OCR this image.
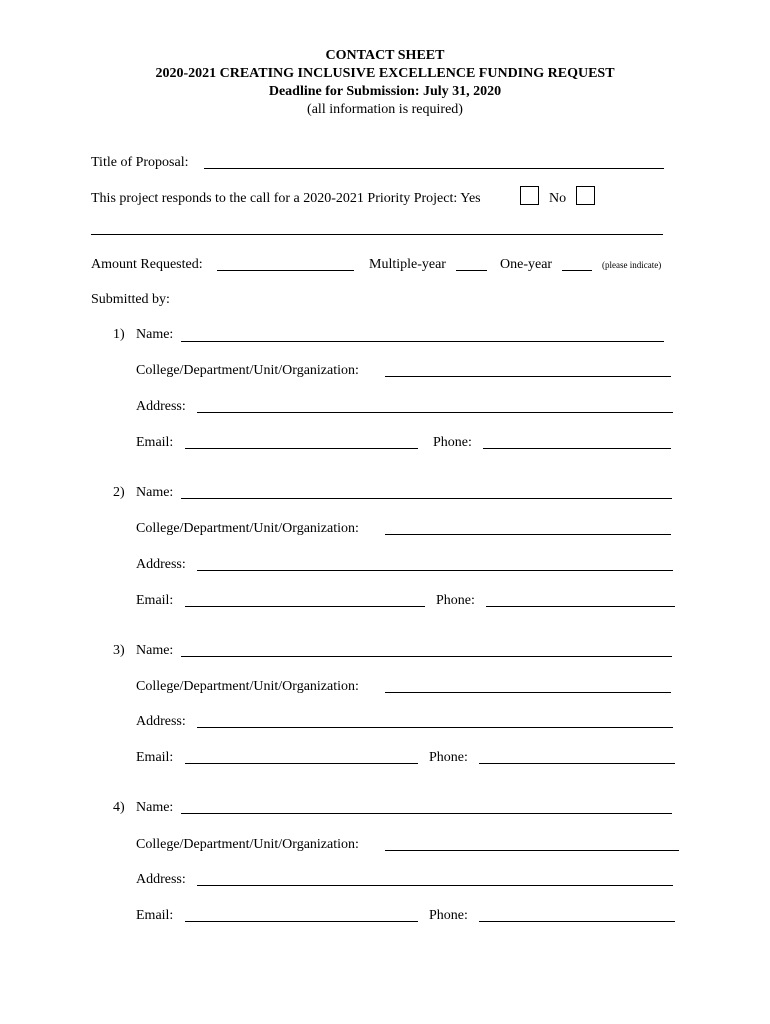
CONTACT SHEET
2020-2021 CREATING INCLUSIVE EXCELLENCE FUNDING REQUEST
Deadline for Submission: July 31, 2020
(all information is required)
Title of Proposal:
This project responds to the call for a 2020-2021 Priority Project: Yes	No
Amount Requested:	Multiple-year	One-year	(please indicate)
Submitted by:
1) Name:
College/Department/Unit/Organization:
Address:
Email:	Phone:
2) Name:
College/Department/Unit/Organization:
Address:
Email:	Phone:
3) Name:
College/Department/Unit/Organization:
Address:
Email:	Phone:
4) Name:
College/Department/Unit/Organization:
Address:
Email:	Phone:
